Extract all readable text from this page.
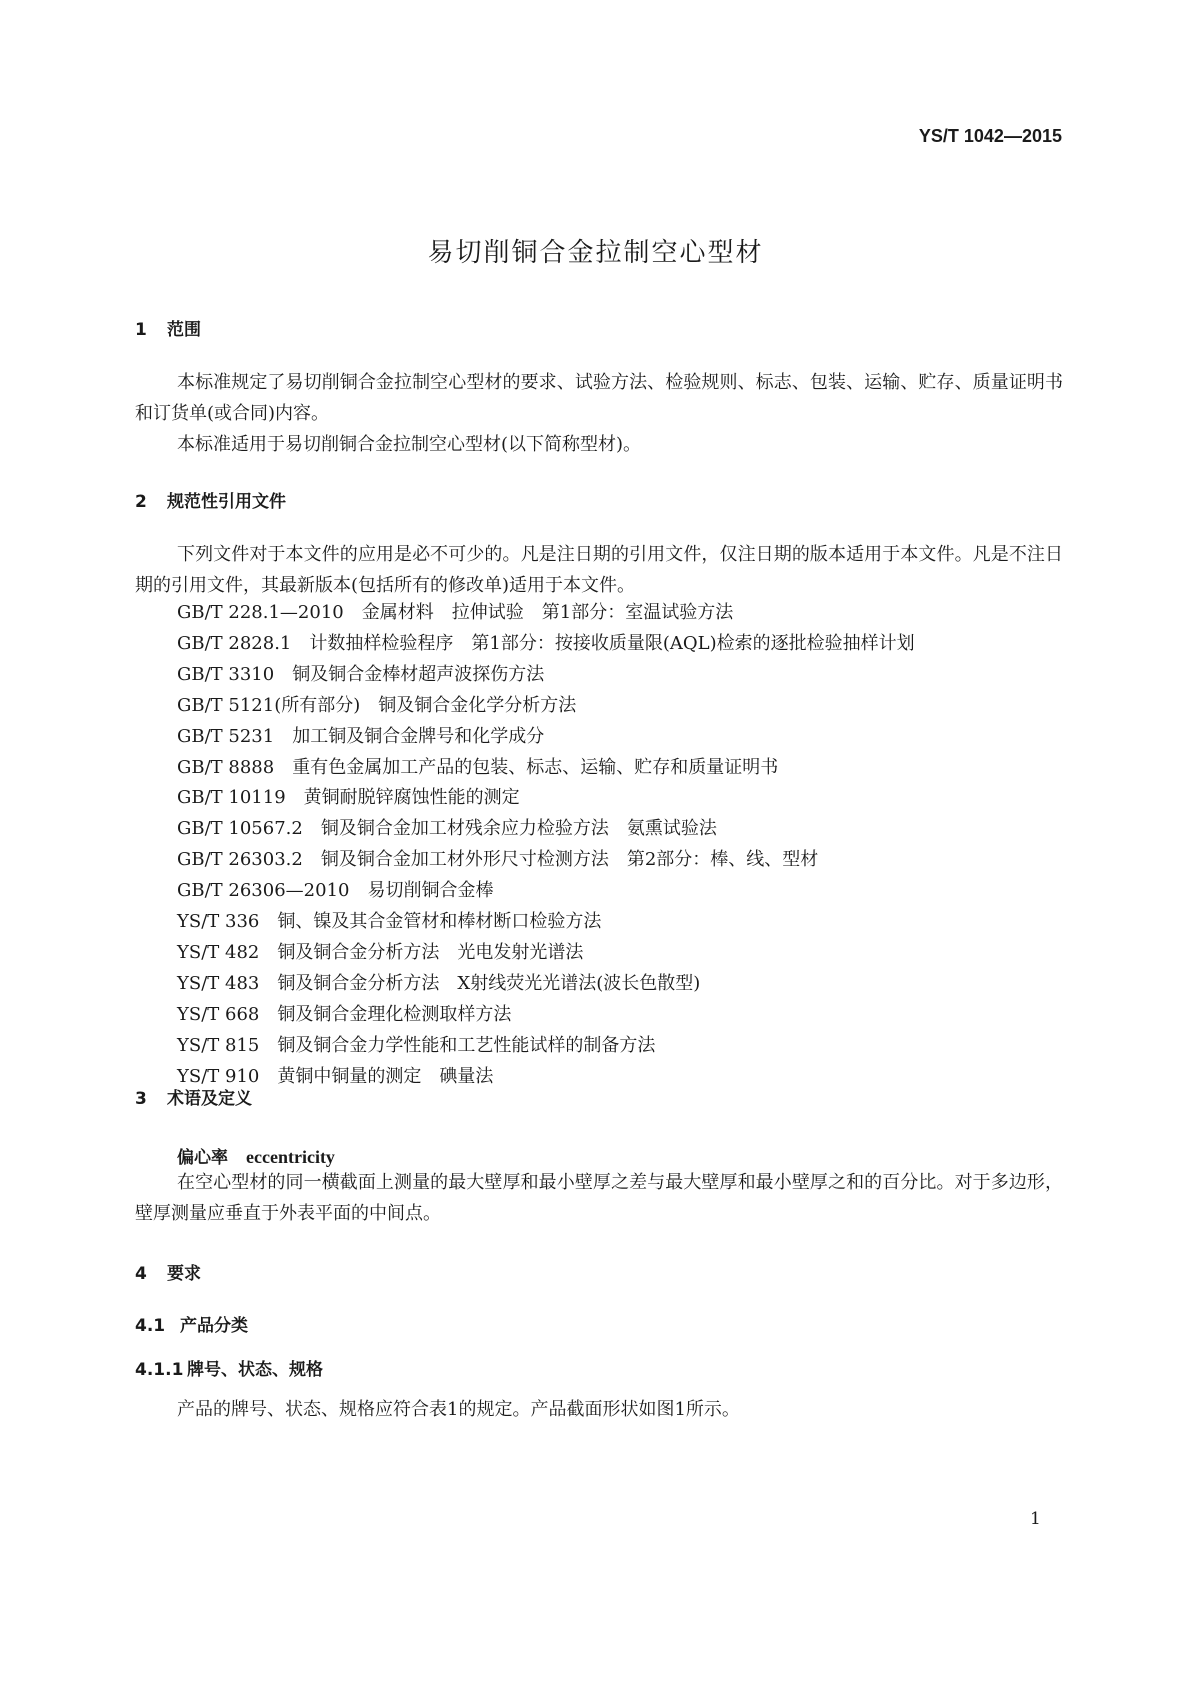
YS/T 1042—2015
易切削铜合金拉制空心型材
1 范围
本标准规定了易切削铜合金拉制空心型材的要求、试验方法、检验规则、标志、包装、运输、贮存、质量证明书和订货单(或合同)内容。
本标准适用于易切削铜合金拉制空心型材(以下简称型材)。
2 规范性引用文件
下列文件对于本文件的应用是必不可少的。凡是注日期的引用文件，仅注日期的版本适用于本文件。凡是不注日期的引用文件，其最新版本(包括所有的修改单)适用于本文件。
GB/T 228.1—2010 金属材料　拉伸试验　第1部分：室温试验方法
GB/T 2828.1 计数抽样检验程序　第1部分：按接收质量限(AQL)检索的逐批检验抽样计划
GB/T 3310 铜及铜合金棒材超声波探伤方法
GB/T 5121(所有部分) 铜及铜合金化学分析方法
GB/T 5231 加工铜及铜合金牌号和化学成分
GB/T 8888 重有色金属加工产品的包装、标志、运输、贮存和质量证明书
GB/T 10119 黄铜耐脱锌腐蚀性能的测定
GB/T 10567.2 铜及铜合金加工材残余应力检验方法　氨熏试验法
GB/T 26303.2 铜及铜合金加工材外形尺寸检测方法　第2部分：棒、线、型材
GB/T 26306—2010 易切削铜合金棒
YS/T 336 铜、镍及其合金管材和棒材断口检验方法
YS/T 482 铜及铜合金分析方法　光电发射光谱法
YS/T 483 铜及铜合金分析方法　X射线荧光光谱法(波长色散型)
YS/T 668 铜及铜合金理化检测取样方法
YS/T 815 铜及铜合金力学性能和工艺性能试样的制备方法
YS/T 910 黄铜中铜量的测定　碘量法
3 术语及定义
偏心率 eccentricity
在空心型材的同一横截面上测量的最大壁厚和最小壁厚之差与最大壁厚和最小壁厚之和的百分比。对于多边形，壁厚测量应垂直于外表平面的中间点。
4 要求
4.1 产品分类
4.1.1 牌号、状态、规格
产品的牌号、状态、规格应符合表1的规定。产品截面形状如图1所示。
1
